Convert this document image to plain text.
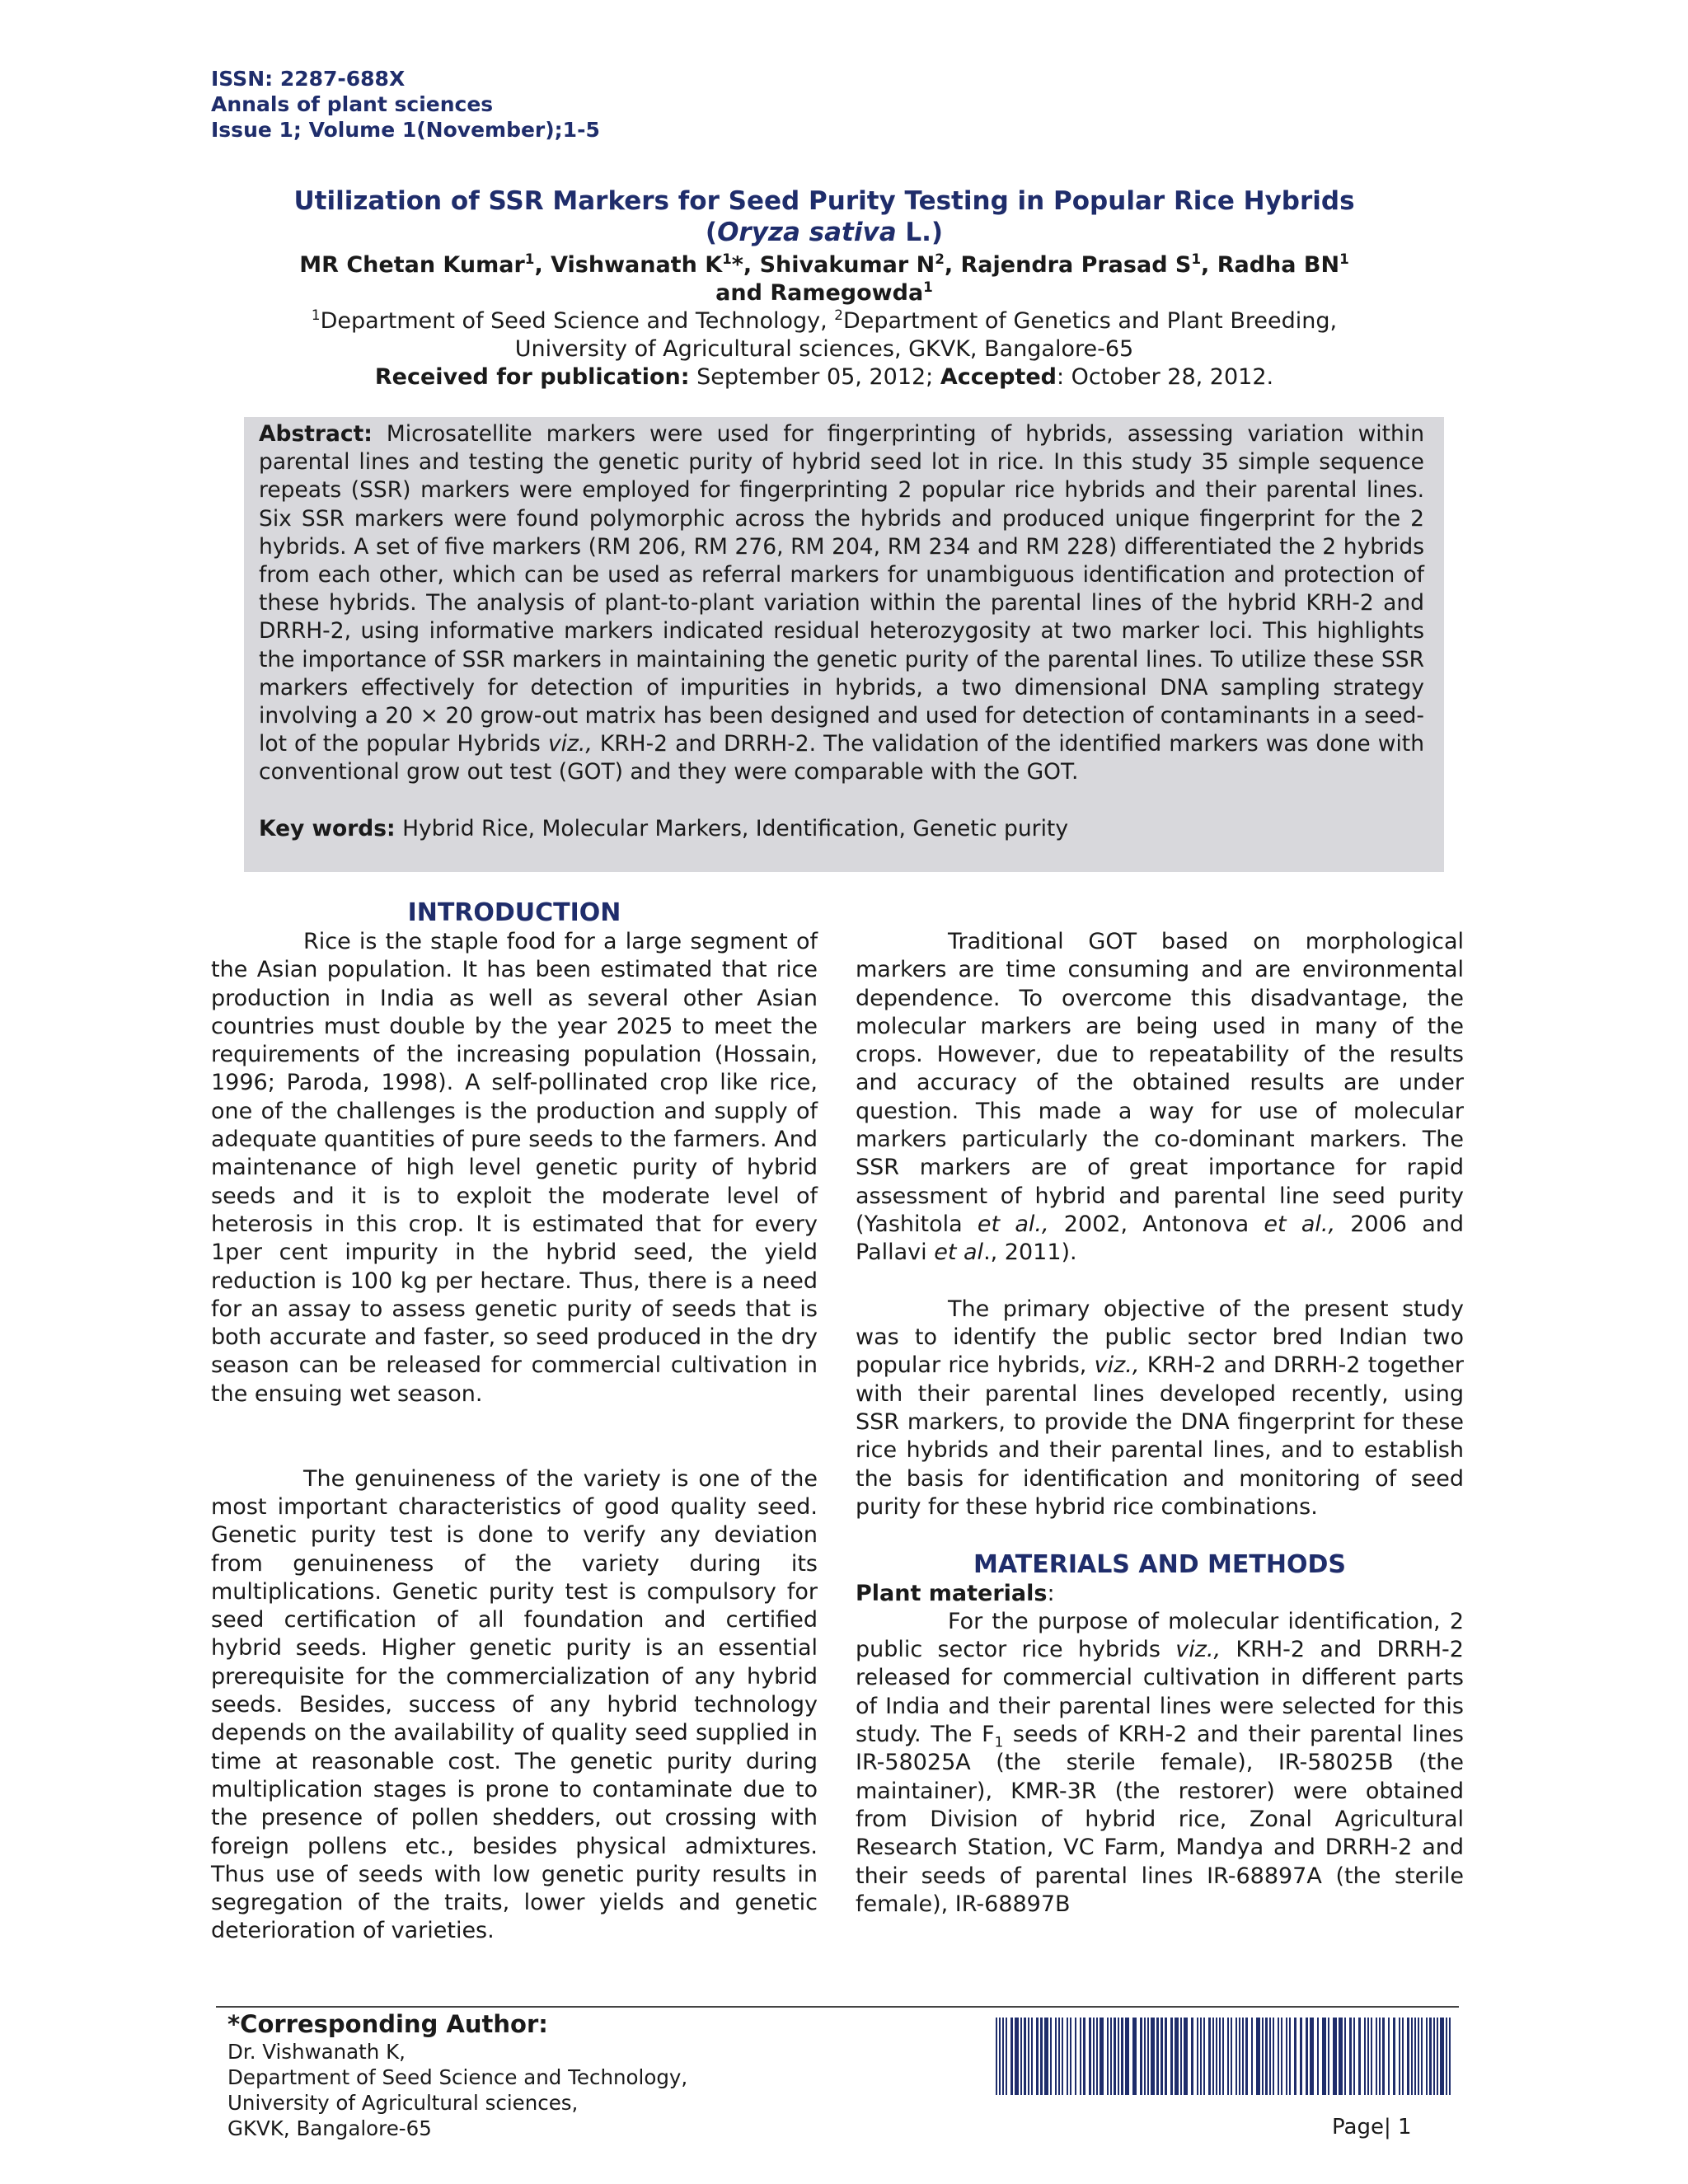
ISSN: 2287-688X
Annals of plant sciences
Issue 1; Volume 1(November);1-5
Utilization of SSR Markers for Seed Purity Testing in Popular Rice Hybrids
(Oryza sativa L.)
MR Chetan Kumar$^1$, Vishwanath $K^1*$, Shivakumar $N^2$, Rajendra Prasad $S^1$, Radha $BN^1$
and Ramegowda$^1$
$^1$Department of Seed Science and Technology, $^2$Department of Genetics and Plant Breeding,
University of Agricultural sciences, GKVK, Bangalore-65
Received for publication: September 05, 2012; Accepted: October 28, 2012.

Abstract: Microsatellite markers were used for fingerprinting of hybrids, assessing variation within parental lines and testing the genetic purity of hybrid seed lot in rice. In this study 35 simple sequence repeats (SSR) markers were employed for fingerprinting 2 popular rice hybrids and their parental lines. Six SSR markers were found polymorphic across the hybrids and produced unique fingerprint for the 2 hybrids. A set of five markers (RM 206, RM 276, RM 204, RM 234 and RM 228) differentiated the 2 hybrids from each other, which can be used as referral markers for unambiguous identification and protection of these hybrids. The analysis of plant-to-plant variation within the parental lines of the hybrid KRH-2 and DRRH-2, using informative markers indicated residual heterozygosity at two marker loci. This highlights the importance of SSR markers in maintaining the genetic purity of the parental lines. To utilize these SSR markers effectively for detection of impurities in hybrids, a two dimensional DNA sampling strategy involving a 20 × 20 grow-out matrix has been designed and used for detection of contaminants in a seed-lot of the popular Hybrids viz., KRH-2 and DRRH-2. The validation of the identified markers was done with conventional grow out test (GOT) and they were comparable with the GOT.

Key words: Hybrid Rice, Molecular Markers, Identification, Genetic purity

INTRODUCTION

Rice is the staple food for a large segment of the Asian population. It has been estimated that rice production in India as well as several other Asian countries must double by the year 2025 to meet the requirements of the increasing population (Hossain, 1996; Paroda, 1998). A self-pollinated crop like rice, one of the challenges is the production and supply of adequate quantities of pure seeds to the farmers. And maintenance of high level genetic purity of hybrid seeds and it is to exploit the moderate level of heterosis in this crop. It is estimated that for every 1per cent impurity in the hybrid seed, the yield reduction is 100 kg per hectare. Thus, there is a need for an assay to assess genetic purity of seeds that is both accurate and faster, so seed produced in the dry season can be released for commercial cultivation in the ensuing wet season.

The genuineness of the variety is one of the most important characteristics of good quality seed. Genetic purity test is done to verify any deviation from genuineness of the variety during its multiplications. Genetic purity test is compulsory for seed certification of all foundation and certified hybrid seeds. Higher genetic purity is an essential prerequisite for the commercialization of any hybrid seeds. Besides, success of any hybrid technology depends on the availability of quality seed supplied in time at reasonable cost. The genetic purity during multiplication stages is prone to contaminate due to the presence of pollen shedders, out crossing with foreign pollens etc., besides physical admixtures. Thus use of seeds with low genetic purity results in segregation of the traits, lower yields and genetic deterioration of varieties.

Traditional GOT based on morphological markers are time consuming and are environmental dependence. To overcome this disadvantage, the molecular markers are being used in many of the crops. However, due to repeatability of the results and accuracy of the obtained results are under question. This made a way for use of molecular markers particularly the co-dominant markers. The SSR markers are of great importance for rapid assessment of hybrid and parental line seed purity (Yashitola et al., 2002, Antonova et al., 2006 and Pallavi et al., 2011).

The primary objective of the present study was to identify the public sector bred Indian two popular rice hybrids, viz., KRH-2 and DRRH-2 together with their parental lines developed recently, using SSR markers, to provide the DNA fingerprint for these rice hybrids and their parental lines, and to establish the basis for identification and monitoring of seed purity for these hybrid rice combinations.

MATERIALS AND METHODS

Plant materials:

For the purpose of molecular identification, 2 public sector rice hybrids viz., KRH-2 and DRRH-2 released for commercial cultivation in different parts of India and their parental lines were selected for this study. The $F_1$ seeds of KRH-2 and their parental lines IR-58025A (the sterile female), IR-58025B (the maintainer), KMR-3R (the restorer) were obtained from Division of hybrid rice, Zonal Agricultural Research Station, VC Farm, Mandya and DRRH-2 and their seeds of parental lines IR-68897A (the sterile female), IR-68897B

*Corresponding Author:
Dr. Vishwanath K,
Department of Seed Science and Technology,
University of Agricultural sciences,
GKVK, Bangalore-65	Page| 1
